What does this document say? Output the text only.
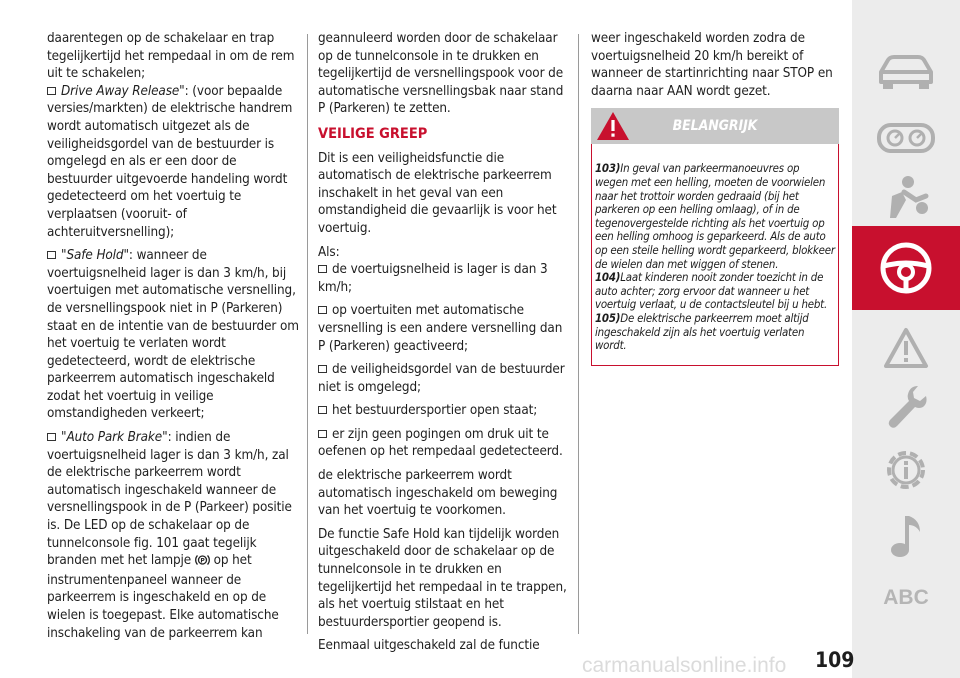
daarentegen op de schakelaar en trap tegelijkertijd het rempedaal in om de rem uit te schakelen;

Drive Away Release": (voor bepaalde versies/markten) de elektrische handrem wordt automatisch uitgezet als de veiligheidsgordel van de bestuurder is omgelegd en als er een door de bestuurder uitgevoerde handeling wordt gedetecteerd om het voertuig te verplaatsen (vooruit- of achteruitversnelling);

"Safe Hold": wanneer de voertuigsnelheid lager is dan 3 km/h, bij voertuigen met automatische versnelling, de versnellingspook niet in P (Parkeren) staat en de intentie van de bestuurder om het voertuig te verlaten wordt gedetecteerd, wordt de elektrische parkeerrem automatisch ingeschakeld zodat het voertuig in veilige omstandigheden verkeert;

"Auto Park Brake": indien de voertuigsnelheid lager is dan 3 km/h, zal de elektrische parkeerrem wordt automatisch ingeschakeld wanneer de versnellingspook in de P (Parkeer) positie is. De LED op de schakelaar op de tunnelconsole fig. 101 gaat tegelijk branden met het lampje P op het instrumentenpaneel wanneer de parkeerrem is ingeschakeld en op de wielen is toegepast. Elke automatische inschakeling van de parkeerrem kan

geannuleerd worden door de schakelaar op de tunnelconsole in te drukken en tegelijkertijd de versnellingspook voor de automatische versnellingsbak naar stand P (Parkeren) te zetten.

VEILIGE GREEP

Dit is een veiligheidsfunctie die automatisch de elektrische parkeerrem inschakelt in het geval van een omstandigheid die gevaarlijk is voor het voertuig.

Als:

de voertuigsnelheid is lager is dan 3 km/h;

op voertuiten met automatische versnelling is een andere versnelling dan P (Parkeren) geactiveerd;

de veiligheidsgordel van de bestuurder niet is omgelegd;

het bestuurdersportier open staat;

er zijn geen pogingen om druk uit te oefenen op het rempedaal gedetecteerd.

de elektrische parkeerrem wordt automatisch ingeschakeld om beweging van het voertuig te voorkomen.

De functie Safe Hold kan tijdelijk worden uitgeschakeld door de schakelaar op de tunnelconsole in te drukken en tegelijkertijd het rempedaal in te trappen, als het voertuig stilstaat en het bestuurdersportier geopend is.

Eenmaal uitgeschakeld zal de functie

weer ingeschakeld worden zodra de voertuigsnelheid 20 km/h bereikt of wanneer de startinrichting naar STOP en daarna naar AAN wordt gezet.

BELANGRIJK

103)In geval van parkeermanoeuvres op wegen met een helling, moeten de voorwielen naar het trottoir worden gedraaid (bij het parkeren op een helling omlaag), of in de tegenovergestelde richting als het voertuig op een helling omhoog is geparkeerd. Als de auto op een steile helling wordt geparkeerd, blokkeer de wielen dan met wiggen of stenen.

104)Laat kinderen nooit zonder toezicht in de auto achter; zorg ervoor dat wanneer u het voertuig verlaat, u de contactsleutel bij u hebt.

105)De elektrische parkeerrem moet altijd ingeschakeld zijn als het voertuig verlaten wordt.

ABC
109
carmanualsonline.info
